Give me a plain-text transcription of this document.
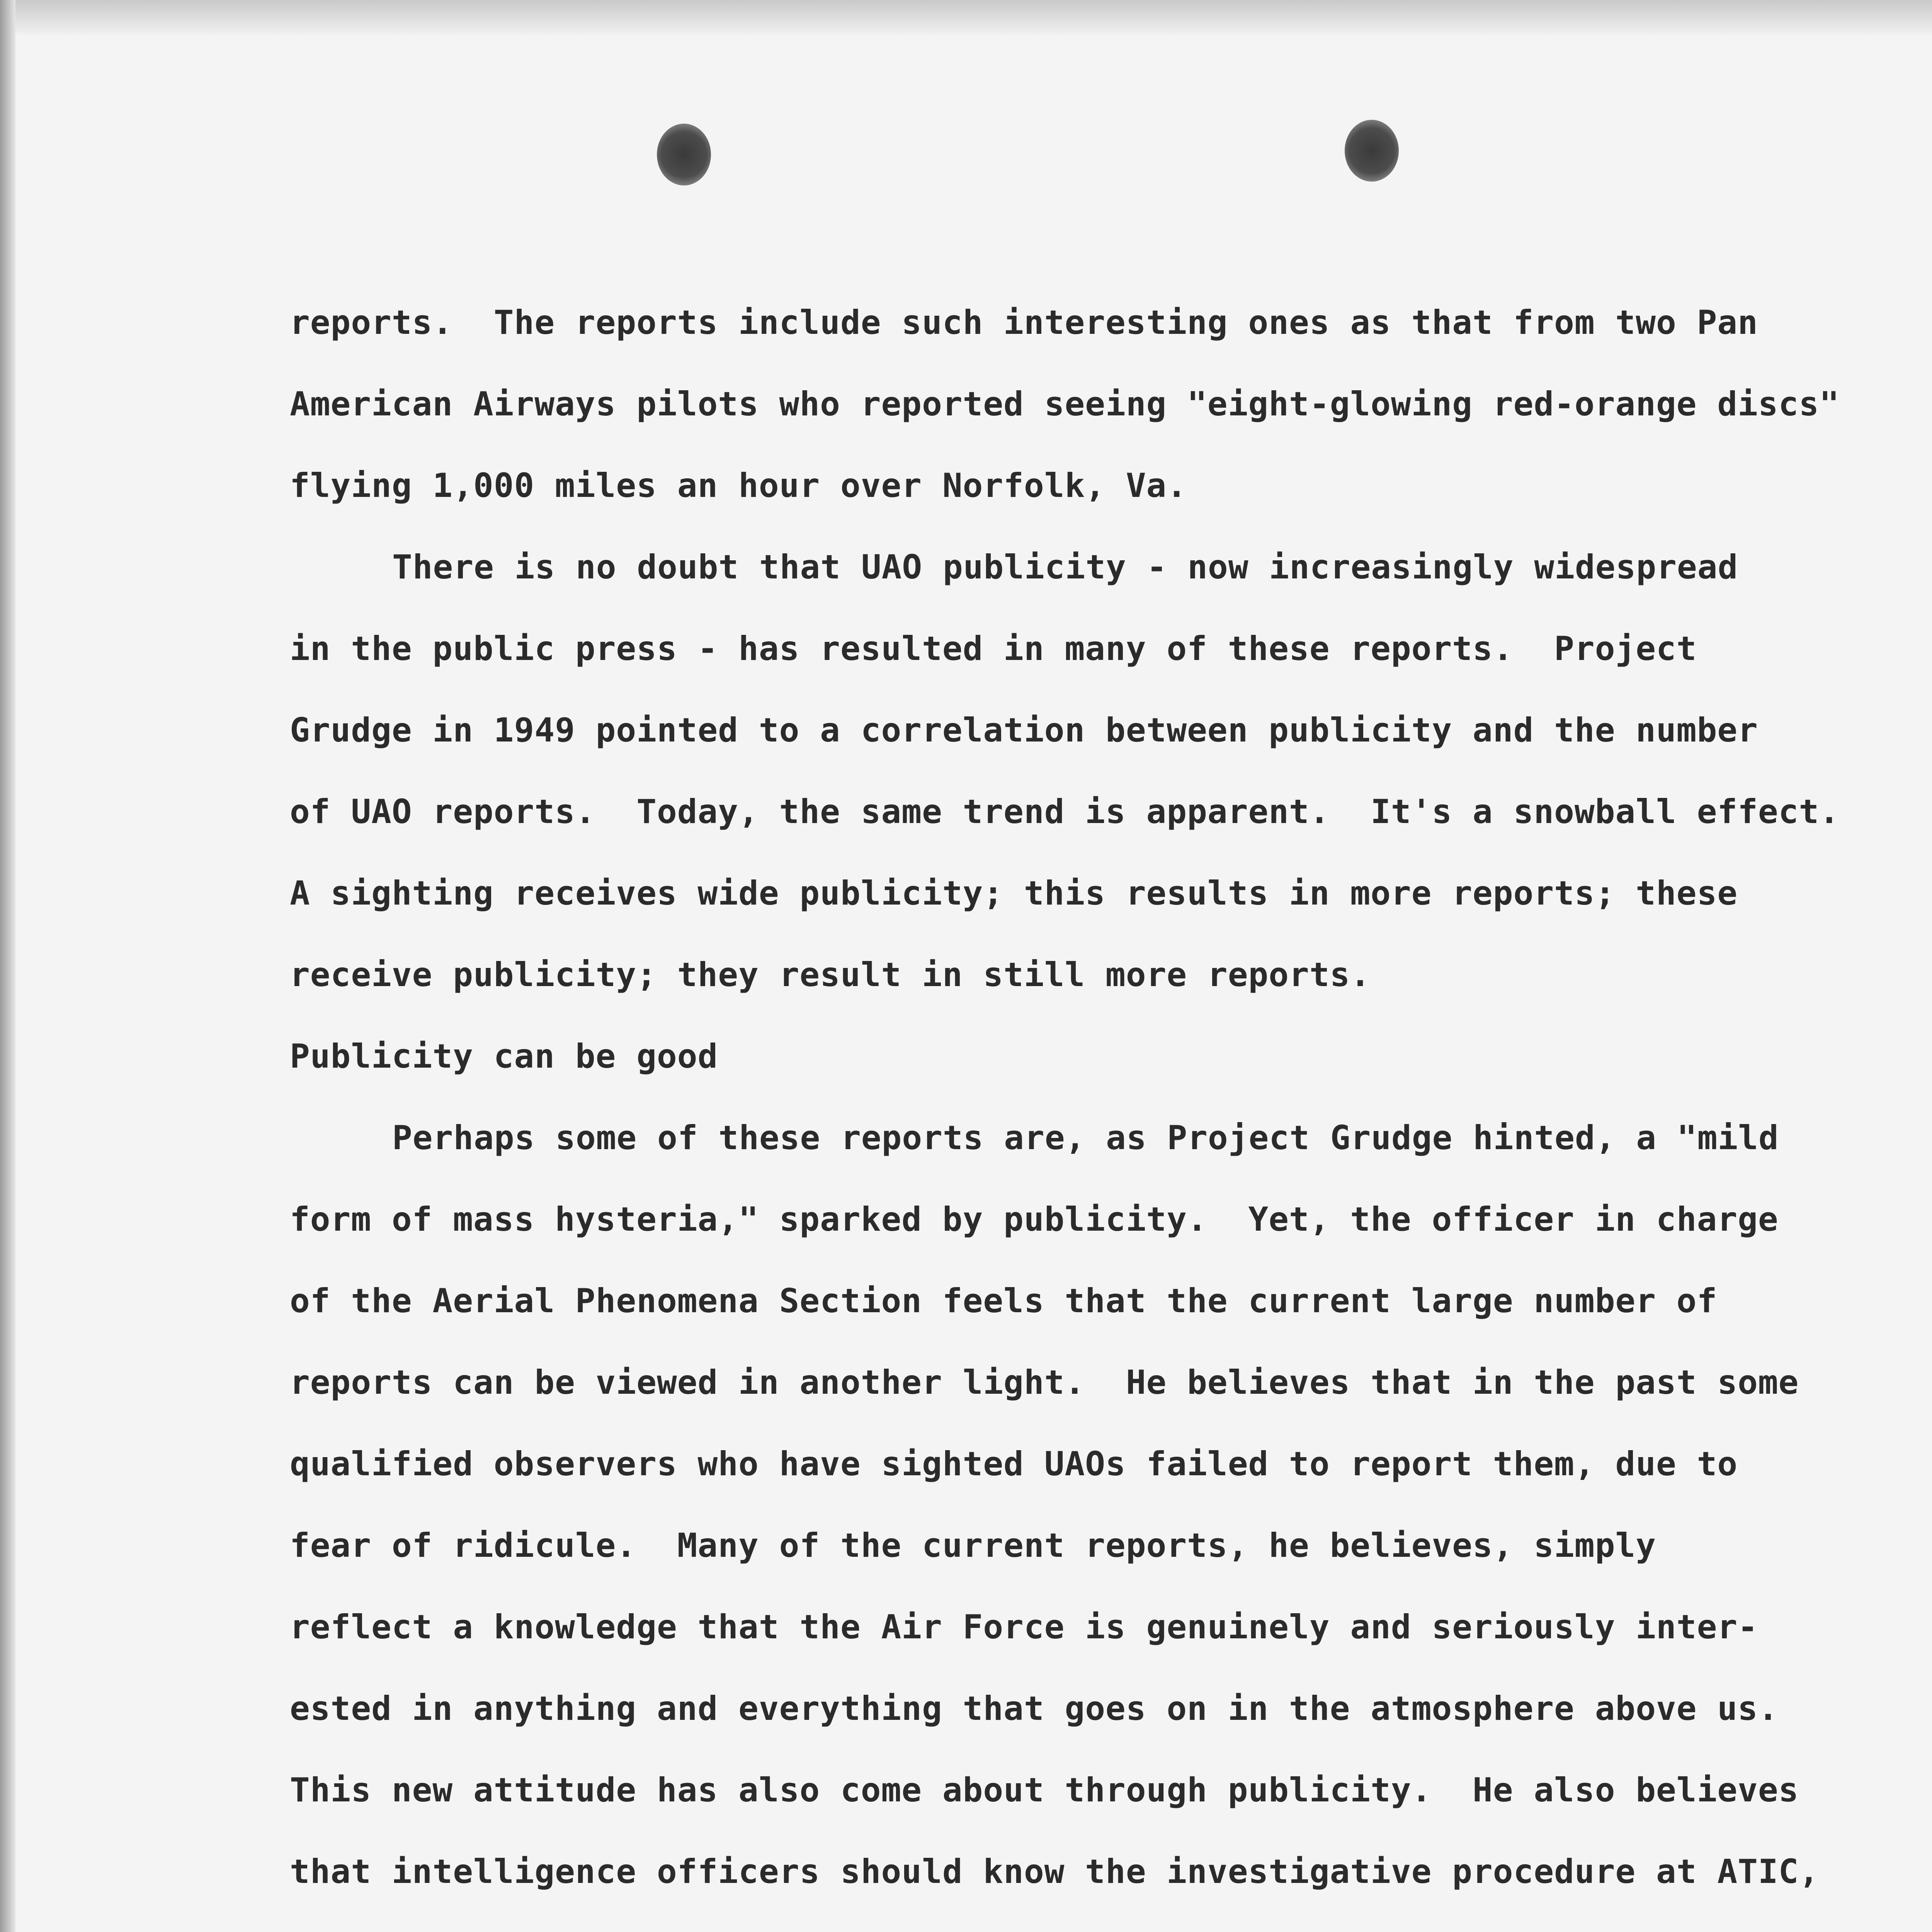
reports.  The reports include such interesting ones as that from two Pan
American Airways pilots who reported seeing "eight-glowing red-orange discs"
flying 1,000 miles an hour over Norfolk, Va.
There is no doubt that UAO publicity - now increasingly widespread
in the public press - has resulted in many of these reports.  Project
Grudge in 1949 pointed to a correlation between publicity and the number
of UAO reports.  Today, the same trend is apparent.  It's a snowball effect.
A sighting receives wide publicity; this results in more reports; these
receive publicity; they result in still more reports.
Publicity can be good
Perhaps some of these reports are, as Project Grudge hinted, a "mild
form of mass hysteria," sparked by publicity.  Yet, the officer in charge
of the Aerial Phenomena Section feels that the current large number of
reports can be viewed in another light.  He believes that in the past some
qualified observers who have sighted UAOs failed to report them, due to
fear of ridicule.  Many of the current reports, he believes, simply
reflect a knowledge that the Air Force is genuinely and seriously inter-
ested in anything and everything that goes on in the atmosphere above us.
This new attitude has also come about through publicity.  He also believes
that intelligence officers should know the investigative procedure at ATIC,
